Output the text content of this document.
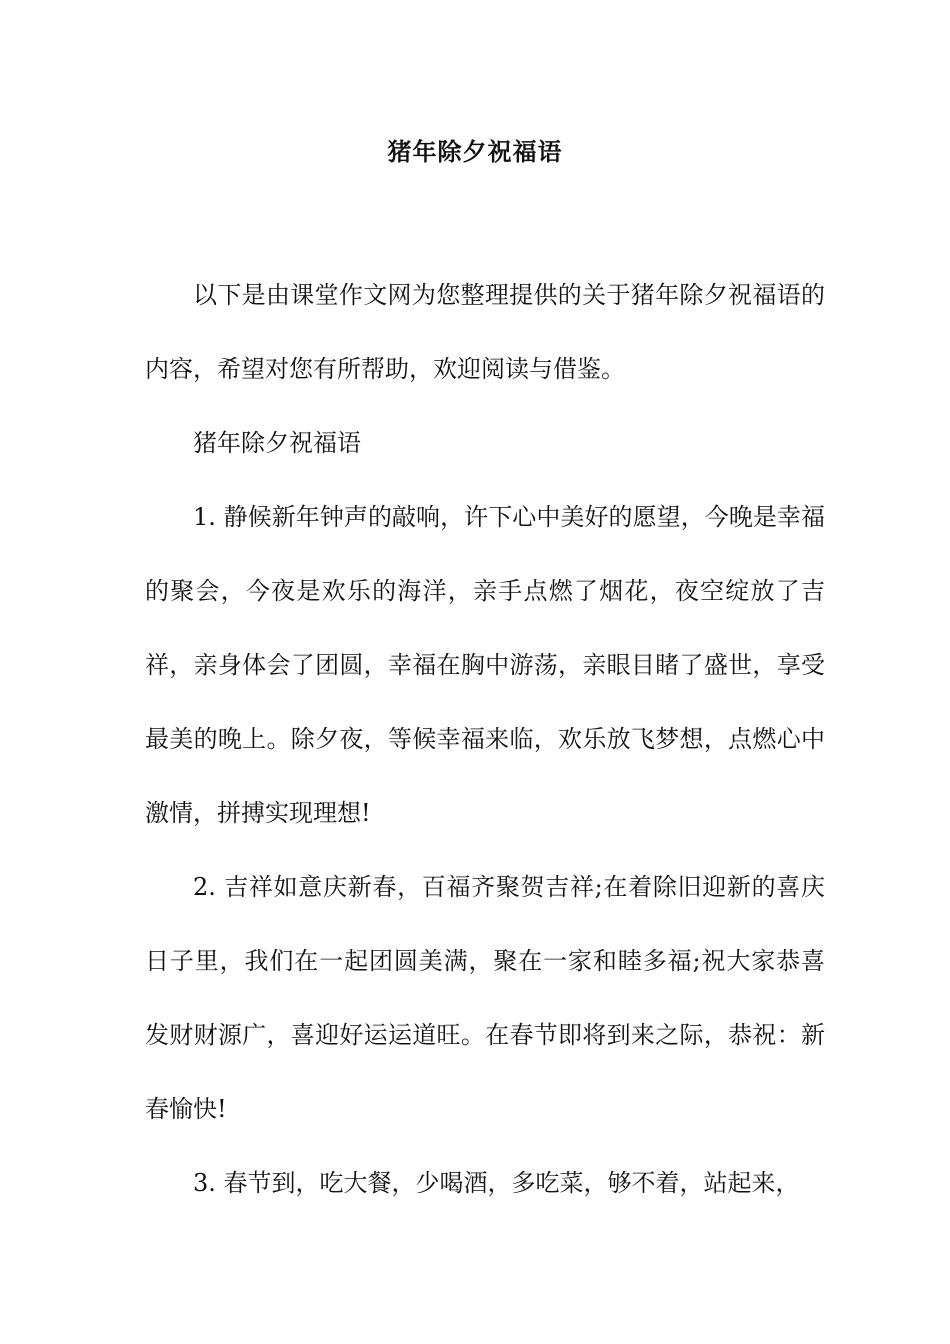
猪年除夕祝福语

以下是由课堂作文网为您整理提供的关于猪年除夕祝福语的内容，希望对您有所帮助，欢迎阅读与借鉴。

猪年除夕祝福语

1. 静候新年钟声的敲响，许下心中美好的愿望，今晚是幸福的聚会，今夜是欢乐的海洋，亲手点燃了烟花，夜空绽放了吉祥，亲身体会了团圆，幸福在胸中游荡，亲眼目睹了盛世，享受最美的晚上。除夕夜，等候幸福来临，欢乐放飞梦想，点燃心中激情，拼搏实现理想!

2. 吉祥如意庆新春，百福齐聚贺吉祥;在着除旧迎新的喜庆日子里，我们在一起团圆美满，聚在一家和睦多福;祝大家恭喜发财财源广，喜迎好运运道旺。在春节即将到来之际，恭祝：新春愉快!

3. 春节到，吃大餐，少喝酒，多吃菜，够不着，站起来，
